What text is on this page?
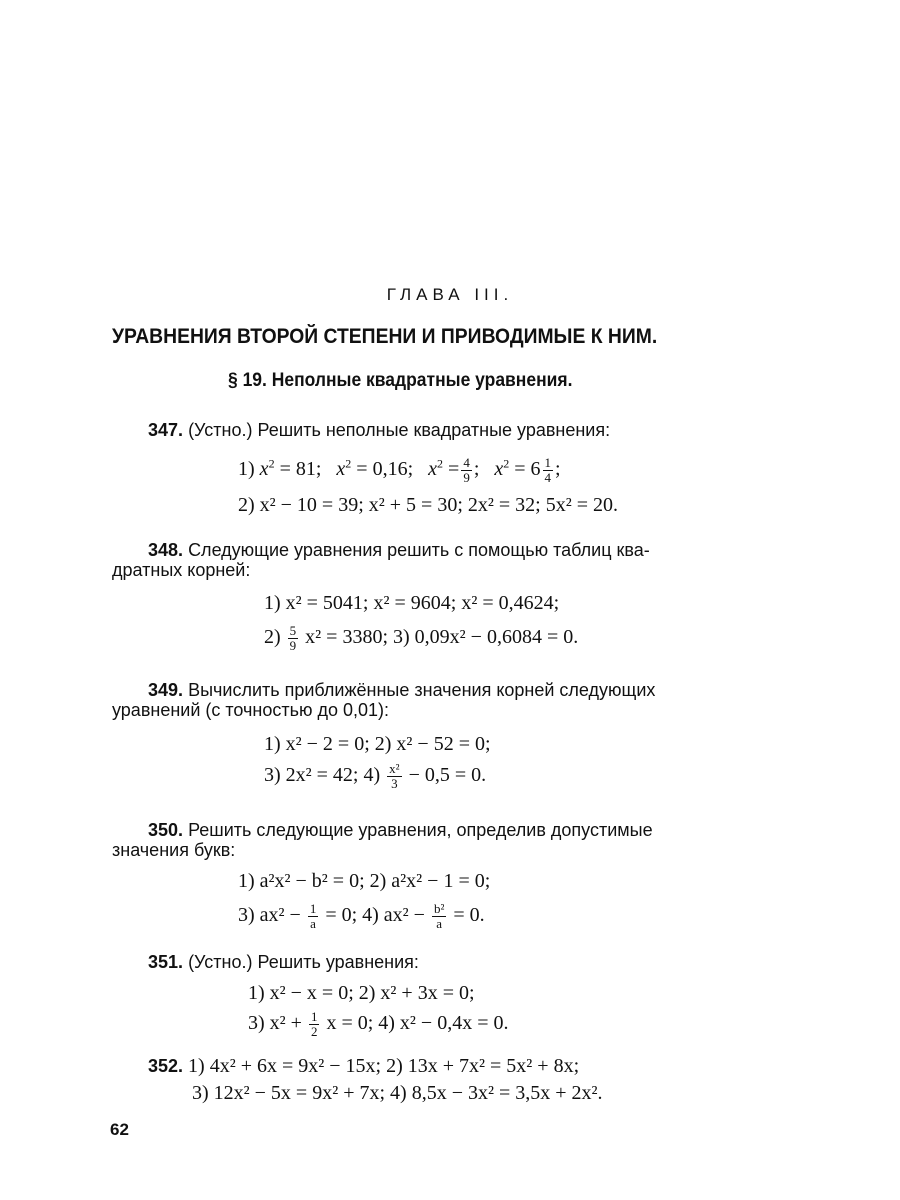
ГЛАВА III.
УРАВНЕНИЯ ВТОРОЙ СТЕПЕНИ И ПРИВОДИМЫЕ К НИМ.
§ 19. Неполные квадратные уравнения.
347. (Устно.) Решить неполные квадратные уравнения:
1) $x^2 = 81$; $x^2 = 0,16$; $x^2 = \frac{4}{9}$ ; $x^2 = 6 \frac{1}{4}$ ;
2) x² − 10 = 39; x² + 5 = 30; 2x² = 32; 5x² = 20.
348. Следующие уравнения решить с помощью таблиц ква-
дратных корней:
1) x² = 5041; x² = 9604; x² = 0,4624;
$2) \frac{5}{9} x^2 = 3380$; 3) 0,09x² − 0,6084 = 0.
349. Вычислить приближённые значения корней следующих
уравнений (с точностью до 0,01):
1) x² − 2 = 0; 2) x² − 52 = 0;
3) 2x² = 42; $4) \frac{\text{x²}}{3} - 0,5 = 0$.
350. Решить следующие уравнения, определив допустимые
значения букв:
1) a²x² − b² = 0; 2) a²x² − 1 = 0;
3) $ax^2 - \frac{1}{a} = 0$; 4) $ax^2 - \frac{\text{b²}}{a} = 0$.
351. (Устно.) Решить уравнения:
1) x² − x = 0; 2) x² + 3x = 0;
3) $x^2 + \frac{1}{2}$ x = 0; 4) x² − 0,4x = 0.
352. 1) 4x² + 6x = 9x² − 15x; 2) 13x + 7x² = 5x² + 8x;
3) 12x² − 5x = 9x² + 7x; 4) 8,5x − 3x² = 3,5x + 2x².
62
